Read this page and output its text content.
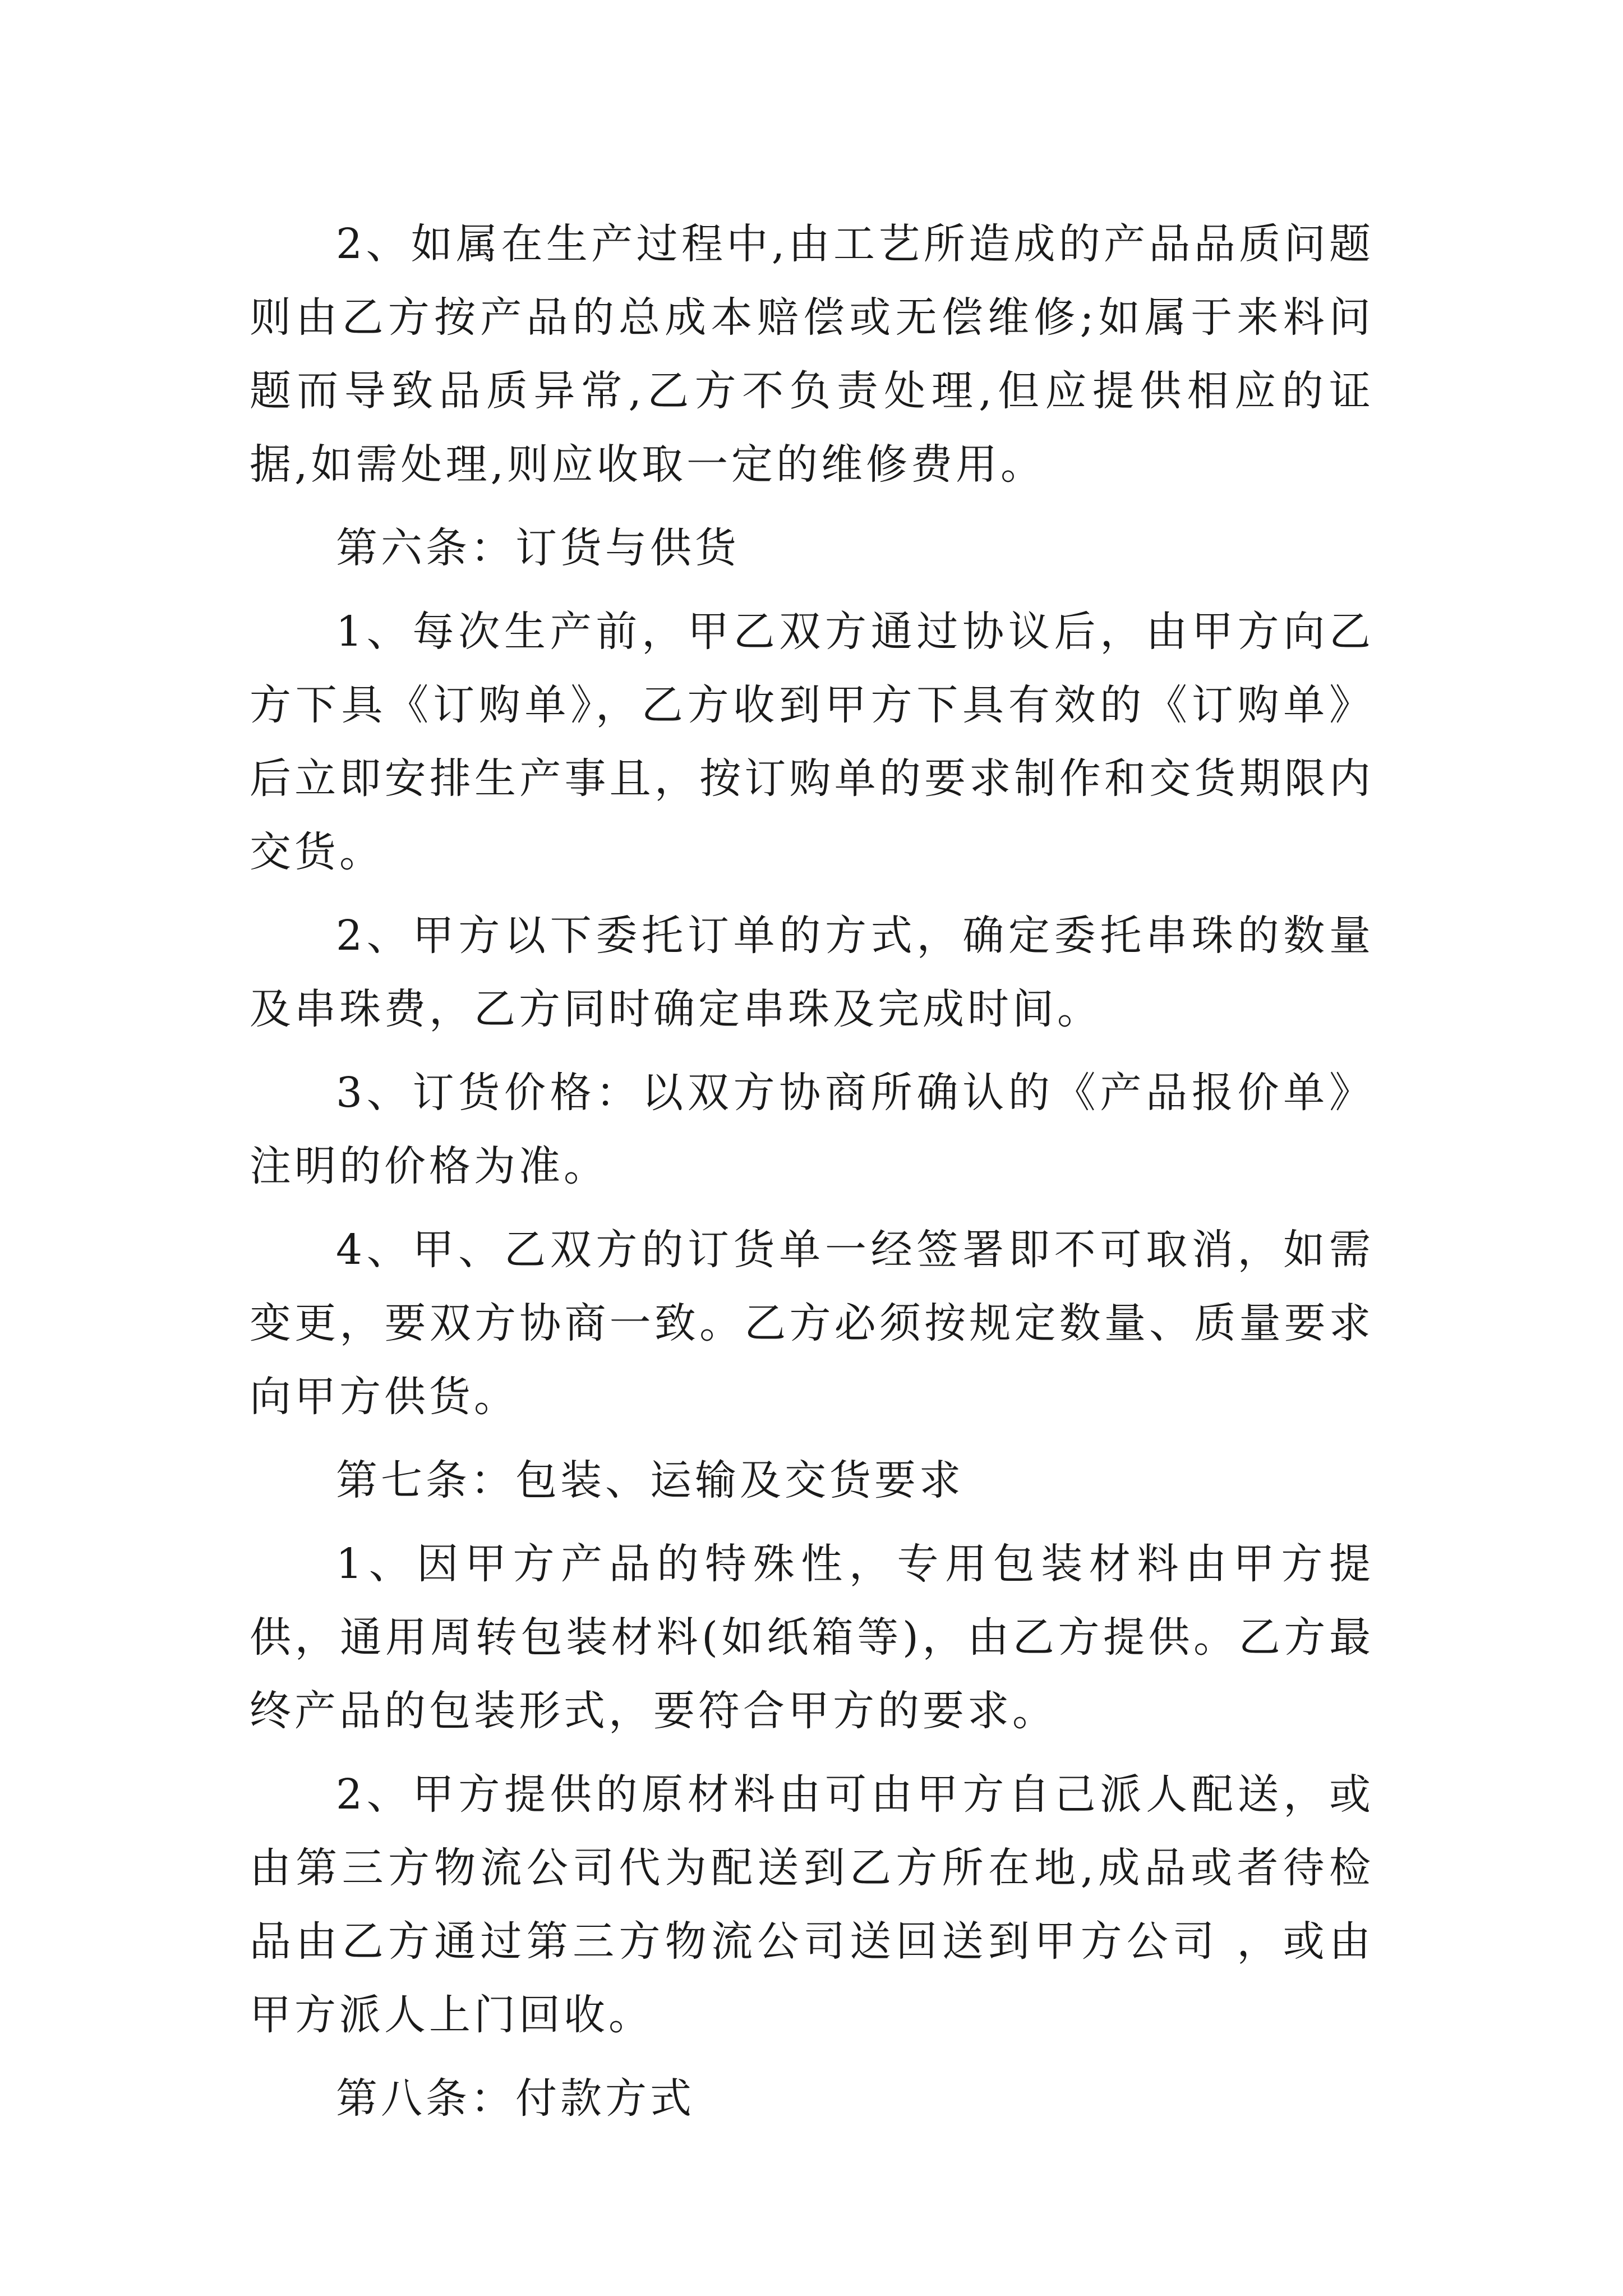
2、如属在生产过程中,由工艺所造成的产品品质问题则由乙方按产品的总成本赔偿或无偿维修;如属于来料问题而导致品质异常,乙方不负责处理,但应提供相应的证据,如需处理,则应收取一定的维修费用。

第六条：订货与供货

1、每次生产前，甲乙双方通过协议后，由甲方向乙方下具《订购单》，乙方收到甲方下具有效的《订购单》后立即安排生产事且，按订购单的要求制作和交货期限内交货。

2、甲方以下委托订单的方式，确定委托串珠的数量及串珠费，乙方同时确定串珠及完成时间。

3、订货价格：以双方协商所确认的《产品报价单》注明的价格为准。

4、甲、乙双方的订货单一经签署即不可取消，如需变更，要双方协商一致。乙方必须按规定数量、质量要求向甲方供货。

第七条：包装、运输及交货要求

1、因甲方产品的特殊性，专用包装材料由甲方提供，通用周转包装材料(如纸箱等)，由乙方提供。乙方最终产品的包装形式，要符合甲方的要求。

2、甲方提供的原材料由可由甲方自己派人配送，或由第三方物流公司代为配送到乙方所在地,成品或者待检品由乙方通过第三方物流公司送回送到甲方公司 ，或由甲方派人上门回收。

第八条：付款方式
